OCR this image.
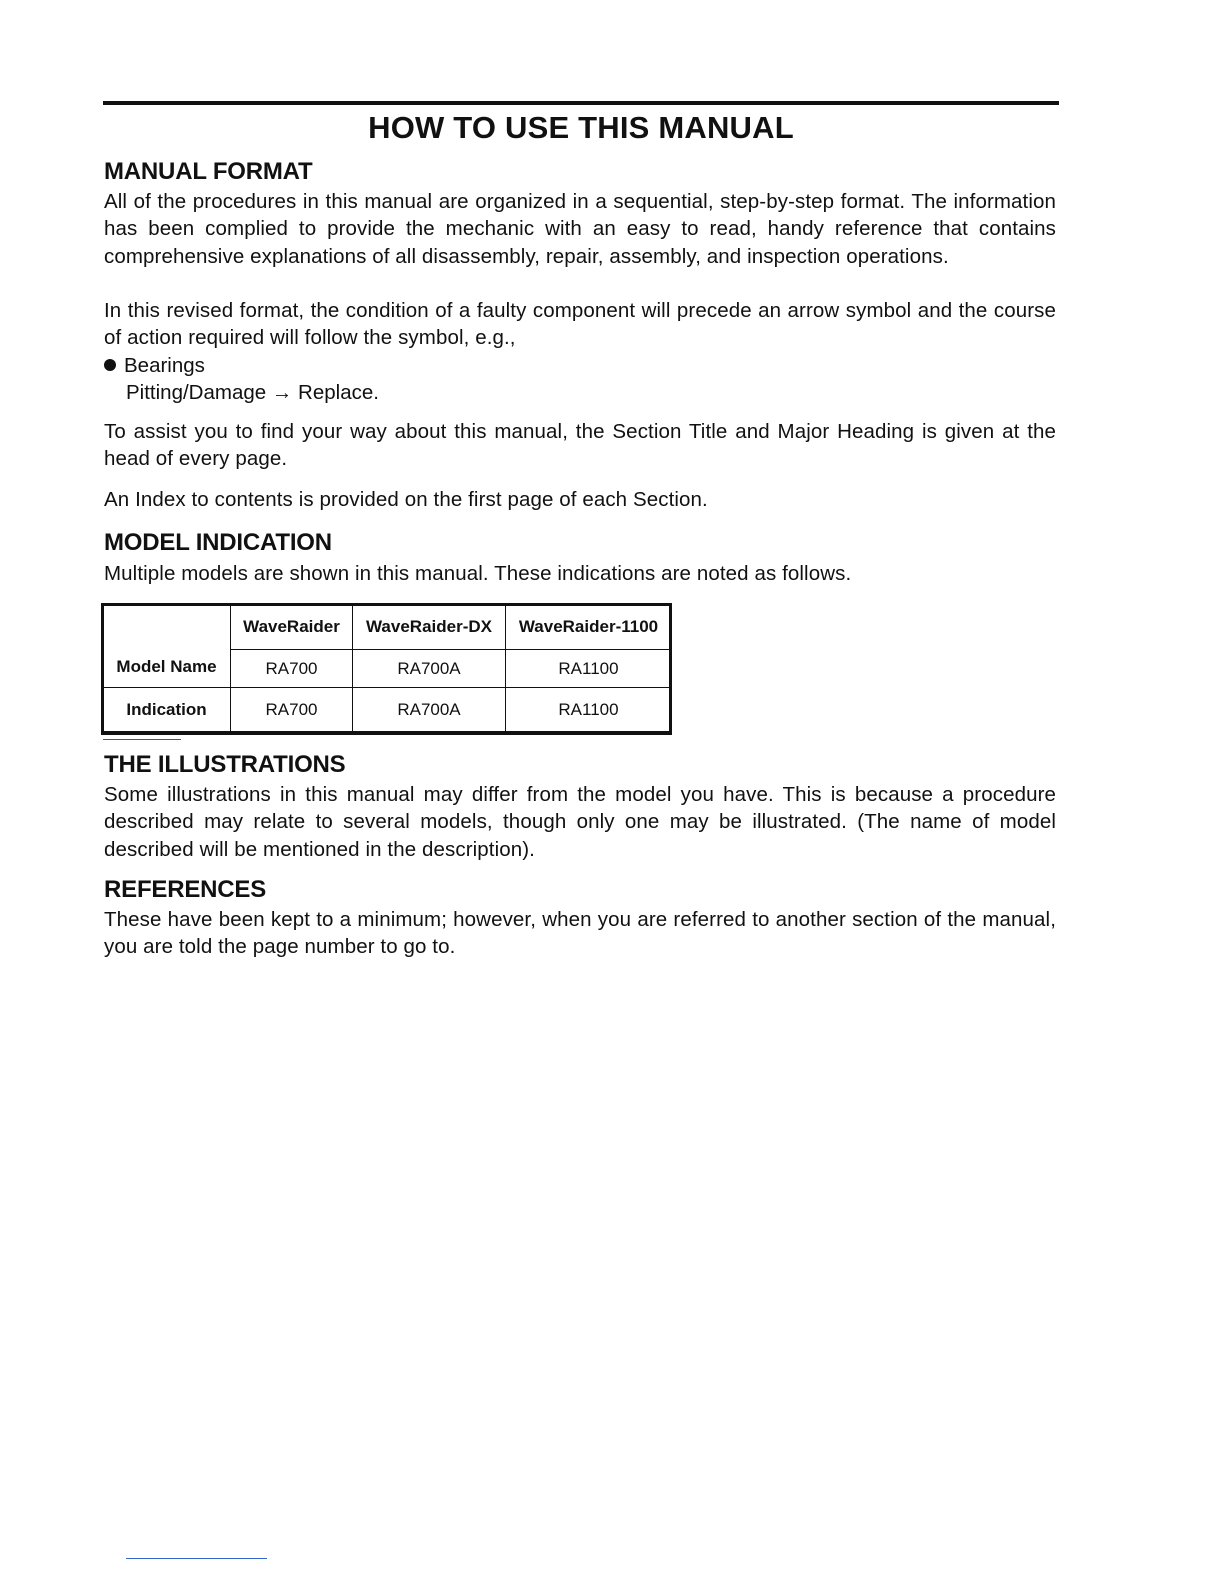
HOW TO USE THIS MANUAL
MANUAL FORMAT
All of the procedures in this manual are organized in a sequential, step-by-step format. The information has been complied to provide the mechanic with an easy to read, handy reference that contains comprehensive explanations of all disassembly, repair, assembly, and inspection operations.
In this revised format, the condition of a faulty component will precede an arrow symbol and the course of action required will follow the symbol, e.g.,
Bearings
Pitting/Damage → Replace.
To assist you to find your way about this manual, the Section Title and Major Heading is given at the head of every page.
An Index to contents is provided on the first page of each Section.
MODEL INDICATION
Multiple models are shown in this manual. These indications are noted as follows.
Model Name	WaveRaider	WaveRaider-DX	WaveRaider-1100
	RA700	RA700A	RA1100
Indication	RA700	RA700A	RA1100
THE ILLUSTRATIONS
Some illustrations in this manual may differ from the model you have. This is because a procedure described may relate to several models, though only one may be illustrated. (The name of model described will be mentioned in the description).
REFERENCES
These have been kept to a minimum; however, when you are referred to another section of the manual, you are told the page number to go to.
